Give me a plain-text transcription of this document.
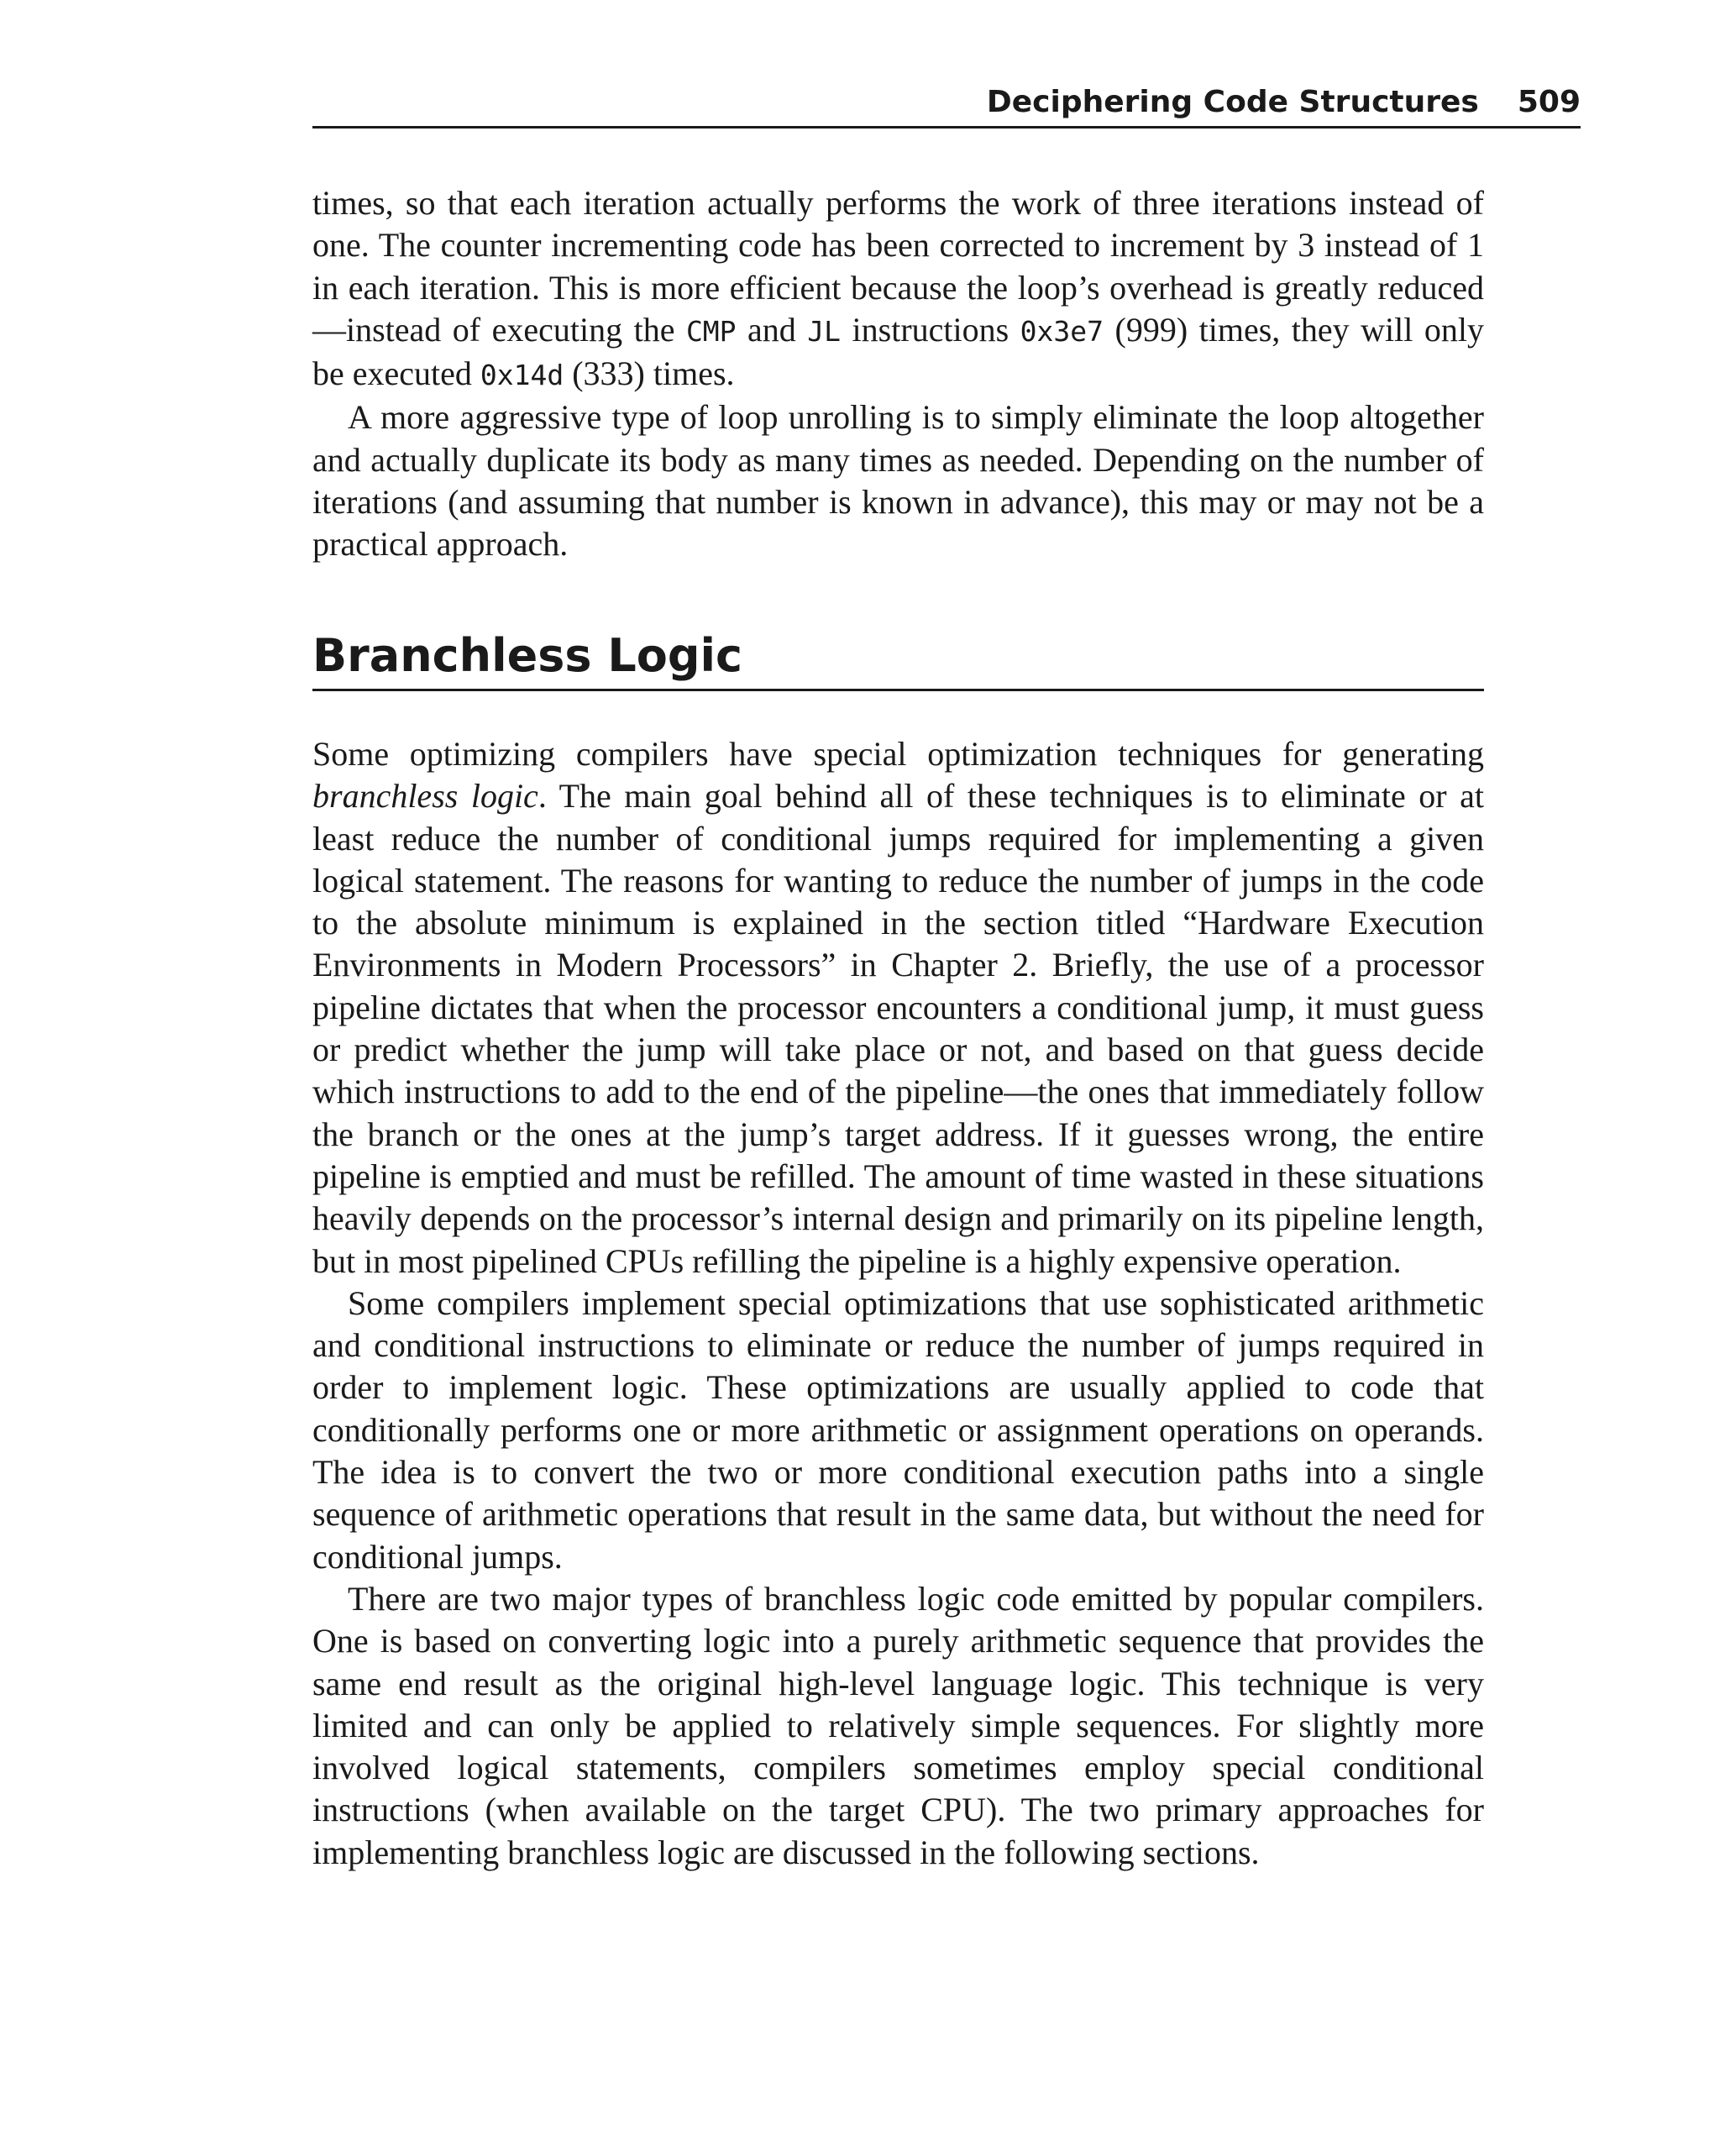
Deciphering Code Structures 509

times, so that each iteration actually performs the work of three iterations instead of one. The counter incrementing code has been corrected to increment by 3 instead of 1 in each iteration. This is more efficient because the loop’s overhead is greatly reduced—instead of executing the CMP and JL instructions 0x3e7 (999) times, they will only be executed 0x14d (333) times.

A more aggressive type of loop unrolling is to simply eliminate the loop altogether and actually duplicate its body as many times as needed. Depending on the number of iterations (and assuming that number is known in advance), this may or may not be a practical approach.

Branchless Logic

Some optimizing compilers have special optimization techniques for generating branchless logic. The main goal behind all of these techniques is to eliminate or at least reduce the number of conditional jumps required for implementing a given logical statement. The reasons for wanting to reduce the number of jumps in the code to the absolute minimum is explained in the section titled “Hardware Execution Environments in Modern Processors” in Chapter 2. Briefly, the use of a processor pipeline dictates that when the processor encounters a conditional jump, it must guess or predict whether the jump will take place or not, and based on that guess decide which instructions to add to the end of the pipeline—the ones that immediately follow the branch or the ones at the jump’s target address. If it guesses wrong, the entire pipeline is emptied and must be refilled. The amount of time wasted in these situations heavily depends on the processor’s internal design and primarily on its pipeline length, but in most pipelined CPUs refilling the pipeline is a highly expensive operation.

Some compilers implement special optimizations that use sophisticated arithmetic and conditional instructions to eliminate or reduce the number of jumps required in order to implement logic. These optimizations are usually applied to code that conditionally performs one or more arithmetic or assignment operations on operands. The idea is to convert the two or more conditional execution paths into a single sequence of arithmetic operations that result in the same data, but without the need for conditional jumps.

There are two major types of branchless logic code emitted by popular compilers. One is based on converting logic into a purely arithmetic sequence that provides the same end result as the original high-level language logic. This technique is very limited and can only be applied to relatively simple sequences. For slightly more involved logical statements, compilers sometimes employ special conditional instructions (when available on the target CPU). The two primary approaches for implementing branchless logic are discussed in the following sections.
